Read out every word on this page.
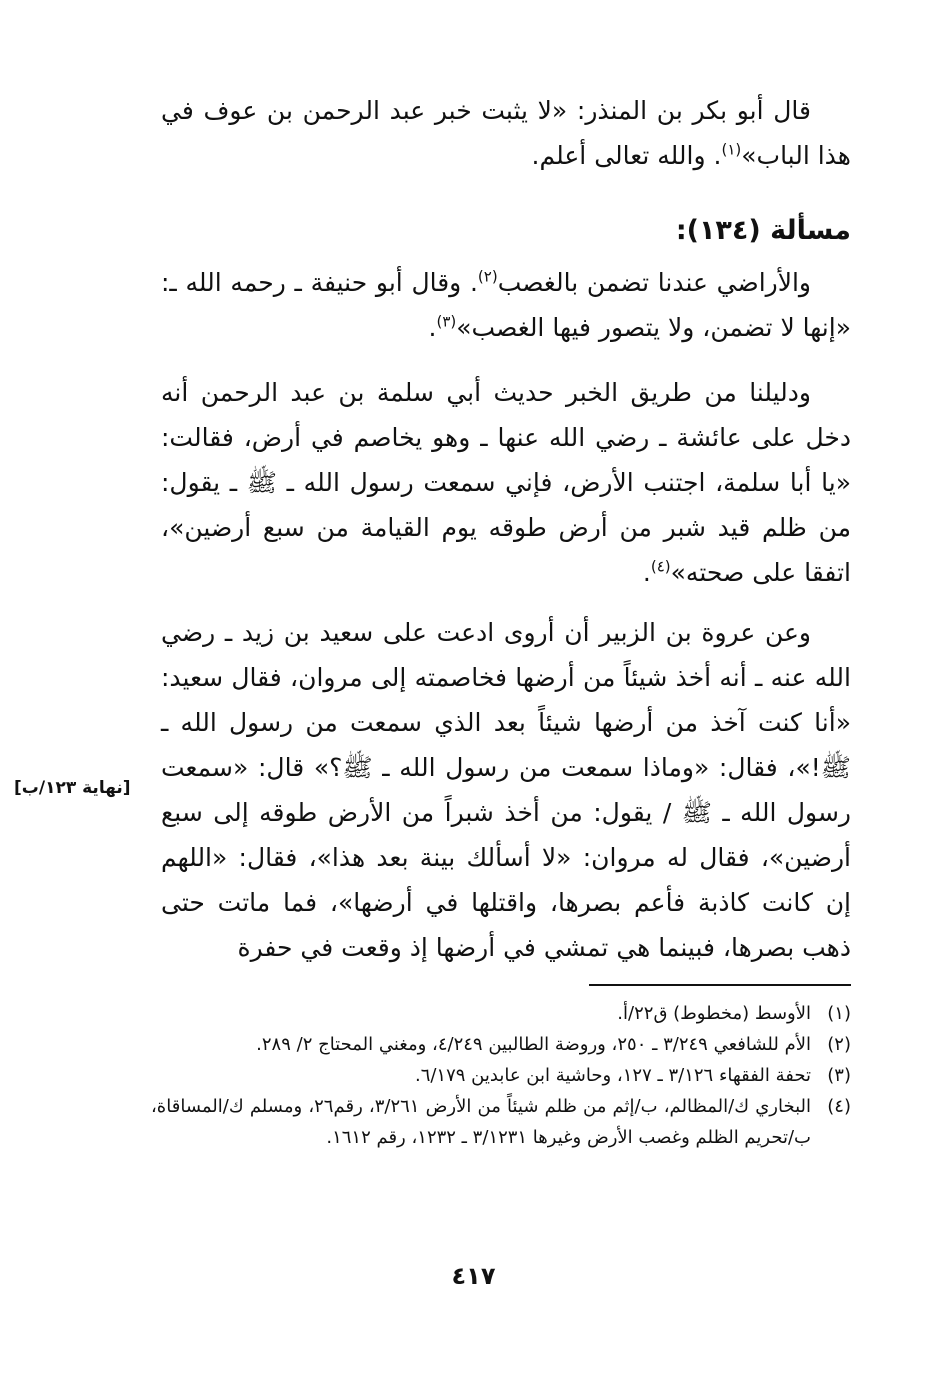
قال أبو بكر بن المنذر: «لا يثبت خبر عبد الرحمن بن عوف في هذا الباب»$^{(١)}$. والله تعالى أعلم.

مسألة (١٣٤):

والأراضي عندنا تضمن بالغصب$^{(٢)}$. وقال أبو حنيفة ـ رحمه الله ـ: «إنها لا تضمن، ولا يتصور فيها الغصب»$^{(٣)}$.

ودليلنا من طريق الخبر حديث أبي سلمة بن عبد الرحمن أنه دخل على عائشة ـ رضي الله عنها ـ وهو يخاصم في أرض، فقالت: «يا أبا سلمة، اجتنب الأرض، فإني سمعت رسول الله ـ ﷺ ـ يقول: من ظلم قيد شبر من أرض طوقه يوم القيامة من سبع أرضين»، اتفقا على صحته»$^{(٤)}$.

وعن عروة بن الزبير أن أروى ادعت على سعيد بن زيد ـ رضي الله عنه ـ أنه أخذ شيئاً من أرضها فخاصمته إلى مروان، فقال سعيد: «أنا كنت آخذ من أرضها شيئاً بعد الذي سمعت من رسول الله ـ ﷺ!»، فقال: «وماذا سمعت من رسول الله ـ ﷺ؟» قال: «سمعت رسول الله ـ ﷺ / يقول: من أخذ شبراً من الأرض طوقه إلى سبع أرضين»، فقال له مروان: «لا أسألك بينة بعد هذا»، فقال: «اللهم إن كانت كاذبة فأعم بصرها، واقتلها في أرضها»، فما ماتت حتى ذهب بصرها، فبينما هي تمشي في أرضها إذ وقعت في حفرة

[نهاية ١٢٣/ب]
(١)
الأوسط (مخطوط) ق٢٢/أ.
(٢)
الأم للشافعي ٣/٢٤٩ ـ ٢٥٠، وروضة الطالبين ٤/٢٤٩، ومغني المحتاج ٢/ ٢٨٩.
(٣)
تحفة الفقهاء ٣/١٢٦ ـ ١٢٧، وحاشية ابن عابدين ٦/١٧٩.
(٤)
البخاري ك/المظالم، ب/إثم من ظلم شيئاً من الأرض ٣/٢٦١، رقم٢٦، ومسلم ك/المساقاة، ب/تحريم الظلم وغصب الأرض وغيرها ٣/١٢٣١ ـ ١٢٣٢، رقم ١٦١٢.
٤١٧
